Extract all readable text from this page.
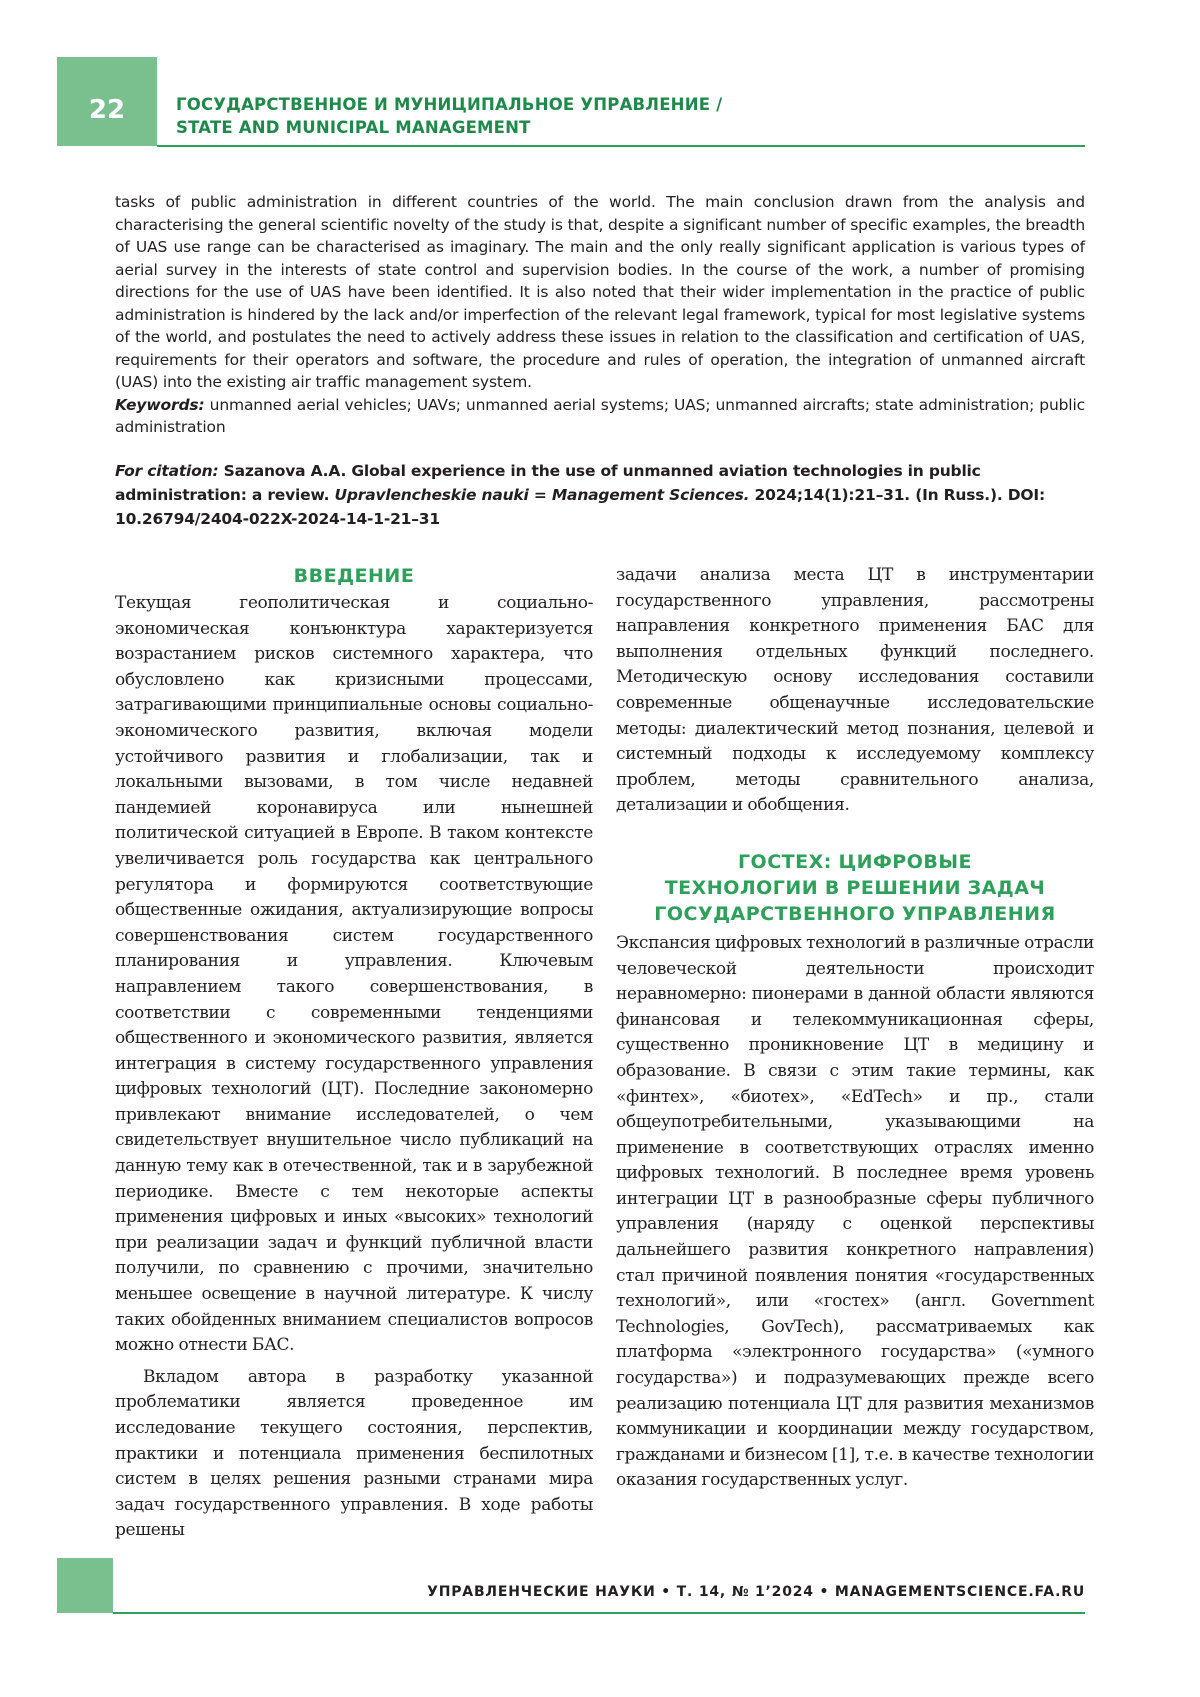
22	ГОСУДАРСТВЕННОЕ И МУНИЦИПАЛЬНОЕ УПРАВЛЕНИЕ /
STATE AND MUNICIPAL MANAGEMENT

tasks of public administration in different countries of the world. The main conclusion drawn from the analysis and characterising the general scientific novelty of the study is that, despite a significant number of specific examples, the breadth of UAS use range can be characterised as imaginary. The main and the only really significant application is various types of aerial survey in the interests of state control and supervision bodies. In the course of the work, a number of promising directions for the use of UAS have been identified. It is also noted that their wider implementation in the practice of public administration is hindered by the lack and/or imperfection of the relevant legal framework, typical for most legislative systems of the world, and postulates the need to actively address these issues in relation to the classification and certification of UAS, requirements for their operators and software, the procedure and rules of operation, the integration of unmanned aircraft (UAS) into the existing air traffic management system.

Keywords: unmanned aerial vehicles; UAVs; unmanned aerial systems; UAS; unmanned aircrafts; state administration; public administration

For citation: Sazanova A.A. Global experience in the use of unmanned aviation technologies in public administration: a review. Upravlencheskie nauki = Management Sciences. 2024;14(1):21–31. (In Russ.). DOI: 10.26794/2404-022X-2024-14-1-21–31
ВВЕДЕНИЕ

Текущая геополитическая и социально-экономическая конъюнктура характеризуется возрастанием рисков системного характера, что обусловлено как кризисными процессами, затрагивающими принципиальные основы социально-экономического развития, включая модели устойчивого развития и глобализации, так и локальными вызовами, в том числе недавней пандемией коронавируса или нынешней политической ситуацией в Европе. В таком контексте увеличивается роль государства как центрального регулятора и формируются соответствующие общественные ожидания, актуализирующие вопросы совершенствования систем государственного планирования и управления. Ключевым направлением такого совершенствования, в соответствии с современными тенденциями общественного и экономического развития, является интеграция в систему государственного управления цифровых технологий (ЦТ). Последние закономерно привлекают внимание исследователей, о чем свидетельствует внушительное число публикаций на данную тему как в отечественной, так и в зарубежной периодике. Вместе с тем некоторые аспекты применения цифровых и иных «высоких» технологий при реализации задач и функций публичной власти получили, по сравнению с прочими, значительно меньшее освещение в научной литературе. К числу таких обойденных вниманием специалистов вопросов можно отнести БАС.

Вкладом автора в разработку указанной проблематики является проведенное им исследование текущего состояния, перспектив, практики и потенциала применения беспилотных систем в целях решения разными странами мира задач государственного управления. В ходе работы решены

задачи анализа места ЦТ в инструментарии государственного управления, рассмотрены направления конкретного применения БАС для выполнения отдельных функций последнего. Методическую основу исследования составили современные общенаучные исследовательские методы: диалектический метод познания, целевой и системный подходы к исследуемому комплексу проблем, методы сравнительного анализа, детализации и обобщения.

ГОСТЕХ: ЦИФРОВЫЕ
ТЕХНОЛОГИИ В РЕШЕНИИ ЗАДАЧ
ГОСУДАРСТВЕННОГО УПРАВЛЕНИЯ

Экспансия цифровых технологий в различные отрасли человеческой деятельности происходит неравномерно: пионерами в данной области являются финансовая и телекоммуникационная сферы, существенно проникновение ЦТ в медицину и образование. В связи с этим такие термины, как «финтех», «биотех», «EdTech» и пр., стали общеупотребительными, указывающими на применение в соответствующих отраслях именно цифровых технологий. В последнее время уровень интеграции ЦТ в разнообразные сферы публичного управления (наряду с оценкой перспективы дальнейшего развития конкретного направления) стал причиной появления понятия «государственных технологий», или «гостех» (англ. Government Technologies, GovTech), рассматриваемых как платформа «электронного государства» («умного государства») и подразумевающих прежде всего реализацию потенциала ЦТ для развития механизмов коммуникации и координации между государством, гражданами и бизнесом [1], т.е. в качестве технологии оказания государственных услуг.

УПРАВЛЕНЧЕСКИЕ НАУКИ • Т. 14, № 1’2024 • MANAGEMENTSCIENCE.FA.RU
